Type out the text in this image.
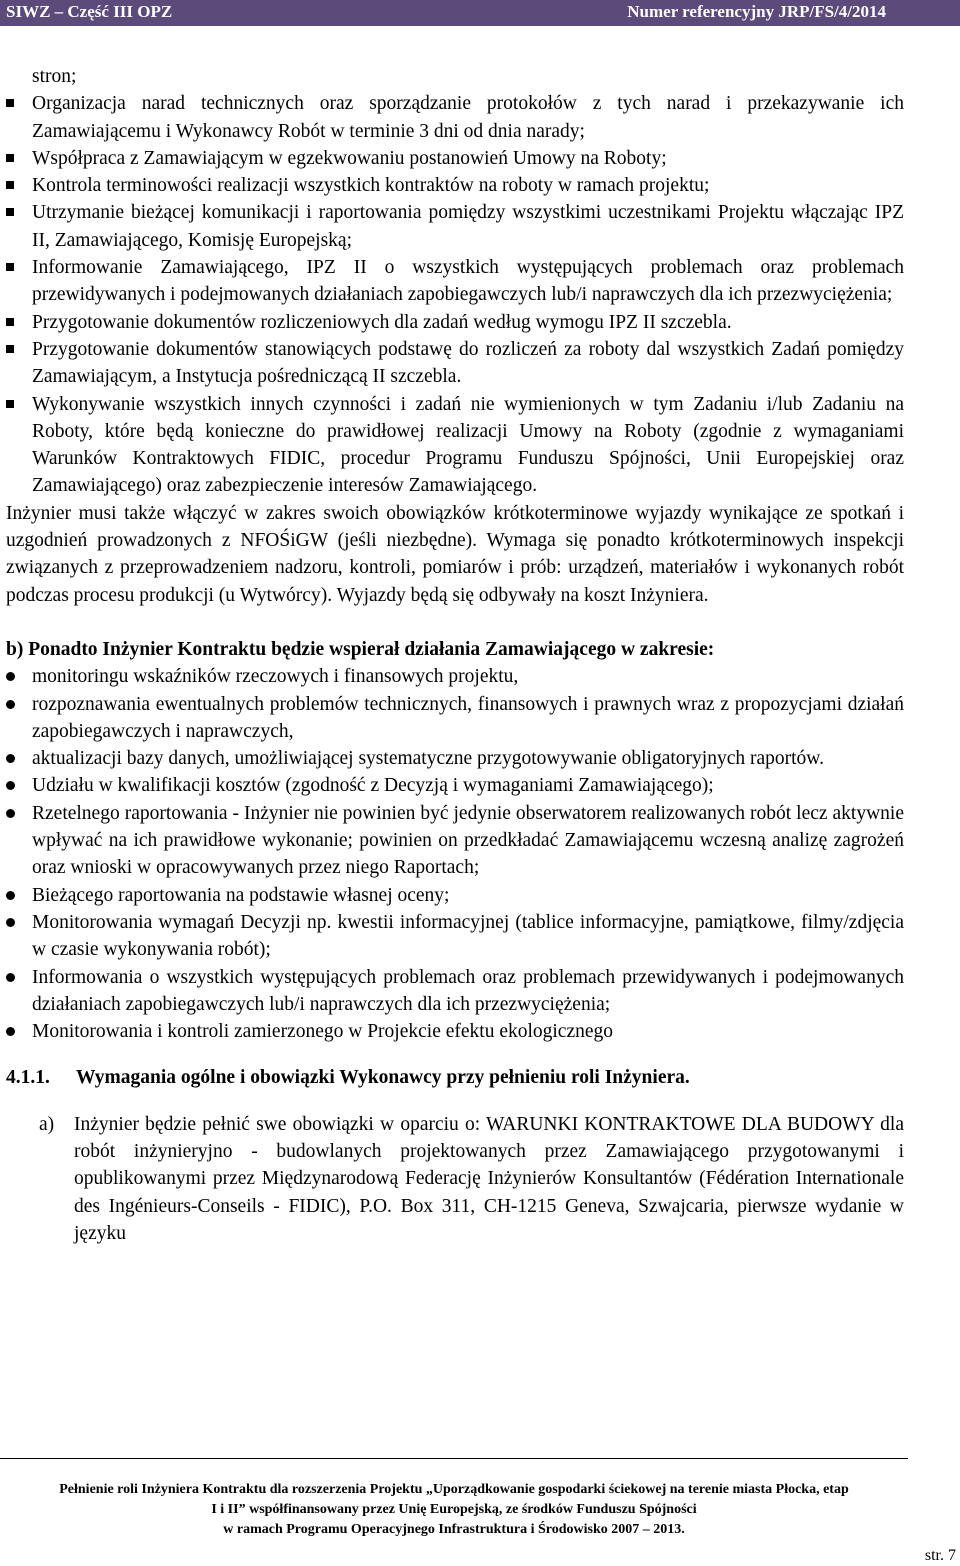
SIWZ – Część III OPZ	Numer referencyjny JRP/FS/4/2014

stron;

Organizacja narad technicznych oraz sporządzanie protokołów z tych narad i przekazywanie ich Zamawiającemu i Wykonawcy Robót w terminie 3 dni od dnia narady;
Współpraca z Zamawiającym w egzekwowaniu postanowień Umowy na Roboty;
Kontrola terminowości realizacji wszystkich kontraktów na roboty w ramach projektu;
Utrzymanie bieżącej komunikacji i raportowania pomiędzy wszystkimi uczestnikami Projektu włączając IPZ II, Zamawiającego, Komisję Europejską;
Informowanie Zamawiającego, IPZ II o wszystkich występujących problemach oraz problemach przewidywanych i podejmowanych działaniach zapobiegawczych lub/i naprawczych dla ich przezwyciężenia;
Przygotowanie dokumentów rozliczeniowych dla zadań według wymogu IPZ II szczebla.
Przygotowanie dokumentów stanowiących podstawę do rozliczeń za roboty dal wszystkich Zadań pomiędzy Zamawiającym, a Instytucja pośredniczącą II szczebla.
Wykonywanie wszystkich innych czynności i zadań nie wymienionych w tym Zadaniu i/lub Zadaniu na Roboty, które będą konieczne do prawidłowej realizacji Umowy na Roboty (zgodnie z wymaganiami Warunków Kontraktowych FIDIC, procedur Programu Funduszu Spójności, Unii Europejskiej oraz Zamawiającego) oraz zabezpieczenie interesów Zamawiającego.

Inżynier musi także włączyć w zakres swoich obowiązków krótkoterminowe wyjazdy wynikające ze spotkań i uzgodnień prowadzonych z NFOŚiGW (jeśli niezbędne). Wymaga się ponadto krótkoterminowych inspekcji związanych z przeprowadzeniem nadzoru, kontroli, pomiarów i prób: urządzeń, materiałów i wykonanych robót podczas procesu produkcji (u Wytwórcy). Wyjazdy będą się odbywały na koszt Inżyniera.

b) Ponadto Inżynier Kontraktu będzie wspierał działania Zamawiającego w zakresie:

monitoringu wskaźników rzeczowych i finansowych projektu,
rozpoznawania ewentualnych problemów technicznych, finansowych i prawnych wraz z propozycjami działań zapobiegawczych i naprawczych,
aktualizacji bazy danych, umożliwiającej systematyczne przygotowywanie obligatoryjnych raportów.
Udziału w kwalifikacji kosztów (zgodność z Decyzją i wymaganiami Zamawiającego);
Rzetelnego raportowania - Inżynier nie powinien być jedynie obserwatorem realizowanych robót lecz aktywnie wpływać na ich prawidłowe wykonanie; powinien on przedkładać Zamawiającemu wczesną analizę zagrożeń oraz wnioski w opracowywanych przez niego Raportach;
Bieżącego raportowania na podstawie własnej oceny;
Monitorowania wymagań Decyzji np. kwestii informacyjnej (tablice informacyjne, pamiątkowe, filmy/zdjęcia w czasie wykonywania robót);
Informowania o wszystkich występujących problemach oraz problemach przewidywanych i podejmowanych działaniach zapobiegawczych lub/i naprawczych dla ich przezwyciężenia;
Monitorowania i kontroli zamierzonego w Projekcie efektu ekologicznego

4.1.1.	Wymagania ogólne i obowiązki Wykonawcy przy pełnieniu roli Inżyniera.

a)	Inżynier będzie pełnić swe obowiązki w oparciu o: WARUNKI KONTRAKTOWE DLA BUDOWY dla robót inżynieryjno - budowlanych projektowanych przez Zamawiającego przygotowanymi i opublikowanymi przez Międzynarodową Federację Inżynierów Konsultantów (Fédération Internationale des Ingénieurs-Conseils - FIDIC), P.O. Box 311, CH-1215 Geneva, Szwajcaria, pierwsze wydanie w języku

Pełnienie roli Inżyniera Kontraktu dla rozszerzenia Projektu „Uporządkowanie gospodarki ściekowej na terenie miasta Płocka, etap
I i II” współfinansowany przez Unię Europejską, ze środków Funduszu Spójności
w ramach Programu Operacyjnego Infrastruktura i Środowisko 2007 – 2013.
str. 7
